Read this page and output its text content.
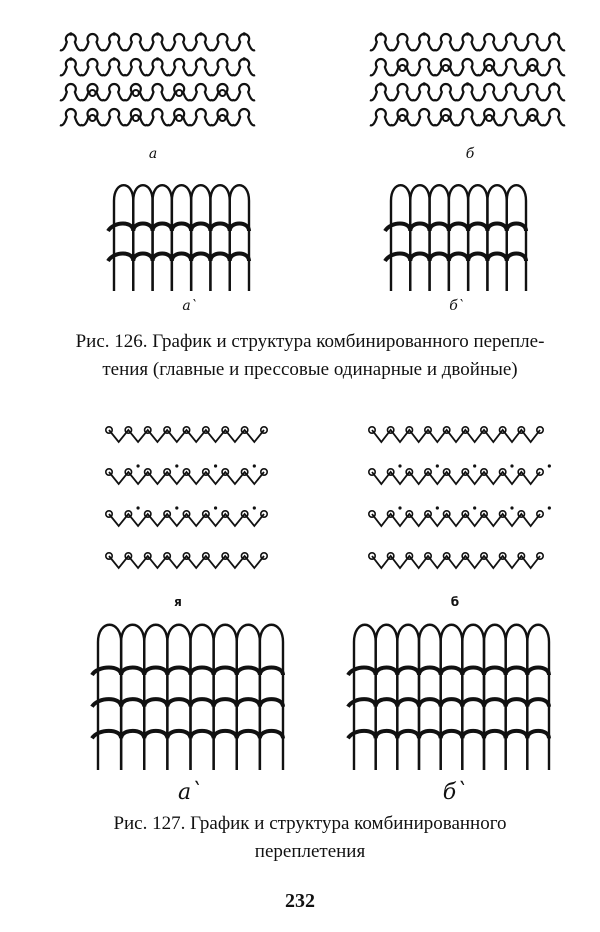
а	б
а`	б`
Рис. 126. График и структура комбинированного перепле-
тения (главные и прессовые одинарные и двойные)
я	б
а`	б`
Рис. 127. График и структура комбинированного
переплетения
232
